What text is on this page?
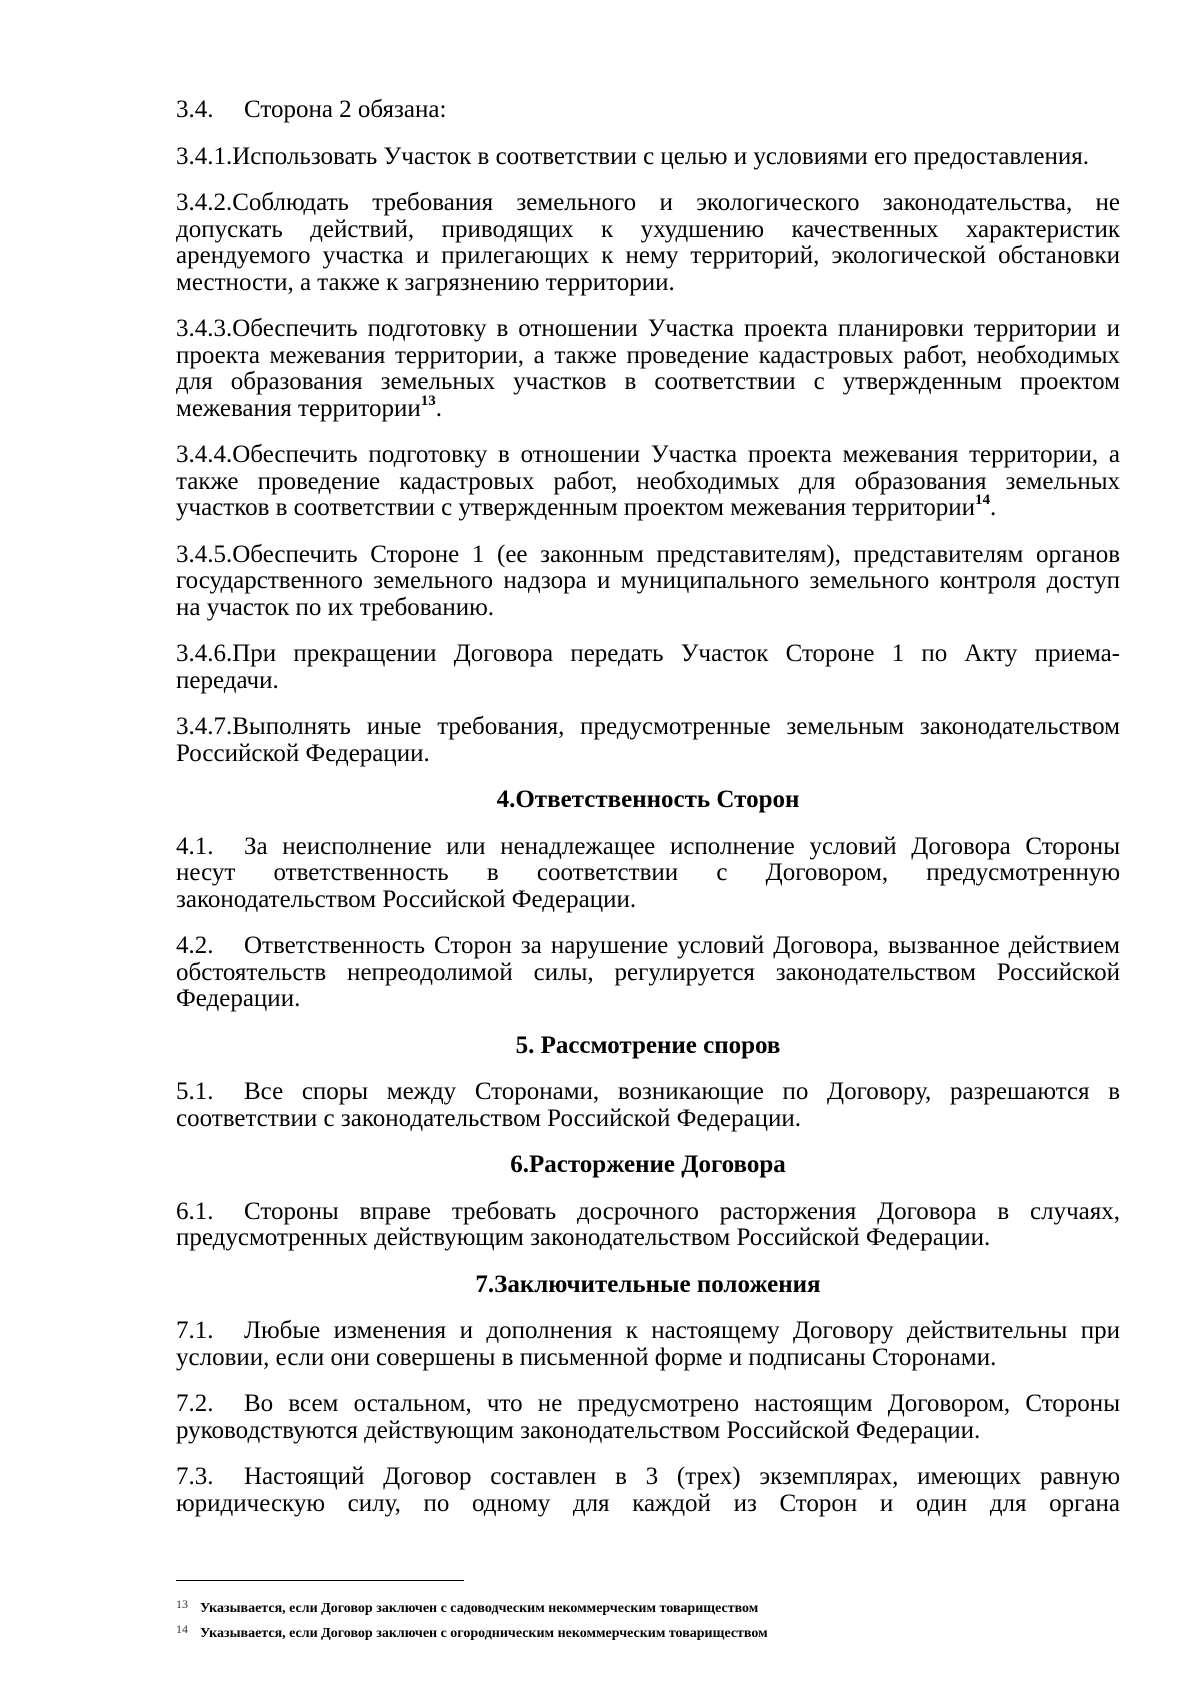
3.4. Сторона 2 обязана:
3.4.1.Использовать Участок в соответствии с целью и условиями его предоставления.
3.4.2.Соблюдать требования земельного и экологического законодательства, не допускать действий, приводящих к ухудшению качественных характеристик арендуемого участка и прилегающих к нему территорий, экологической обстановки местности, а также к загрязнению территории.
3.4.3.Обеспечить подготовку в отношении Участка проекта планировки территории и проекта межевания территории, а также проведение кадастровых работ, необходимых для образования земельных участков в соответствии с утвержденным проектом межевания территории$^{13}$.
3.4.4.Обеспечить подготовку в отношении Участка проекта межевания территории, а также проведение кадастровых работ, необходимых для образования земельных участков в соответствии с утвержденным проектом межевания территории$^{14}$.
3.4.5.Обеспечить Стороне 1 (ее законным представителям), представителям органов государственного земельного надзора и муниципального земельного контроля доступ на участок по их требованию.
3.4.6.При прекращении Договора передать Участок Стороне 1 по Акту приема-передачи.
3.4.7.Выполнять иные требования, предусмотренные земельным законодательством Российской Федерации.
4.Ответственность Сторон
4.1. За неисполнение или ненадлежащее исполнение условий Договора Стороны несут ответственность в соответствии с Договором, предусмотренную законодательством Российской Федерации.
4.2. Ответственность Сторон за нарушение условий Договора, вызванное действием обстоятельств непреодолимой силы, регулируется законодательством Российской Федерации.
5. Рассмотрение споров
5.1. Все споры между Сторонами, возникающие по Договору, разрешаются в соответствии с законодательством Российской Федерации.
6.Расторжение Договора
6.1. Стороны вправе требовать досрочного расторжения Договора в случаях, предусмотренных действующим законодательством Российской Федерации.
7.Заключительные положения
7.1. Любые изменения и дополнения к настоящему Договору действительны при условии, если они совершены в письменной форме и подписаны Сторонами.
7.2. Во всем остальном, что не предусмотрено настоящим Договором, Стороны руководствуются действующим законодательством Российской Федерации.
7.3. Настоящий Договор составлен в 3 (трех) экземплярах, имеющих равную юридическую силу, по одному для каждой из Сторон и один для органа
13 Указывается, если Договор заключен с садоводческим некоммерческим товариществом
14 Указывается, если Договор заключен с огородническим некоммерческим товариществом
